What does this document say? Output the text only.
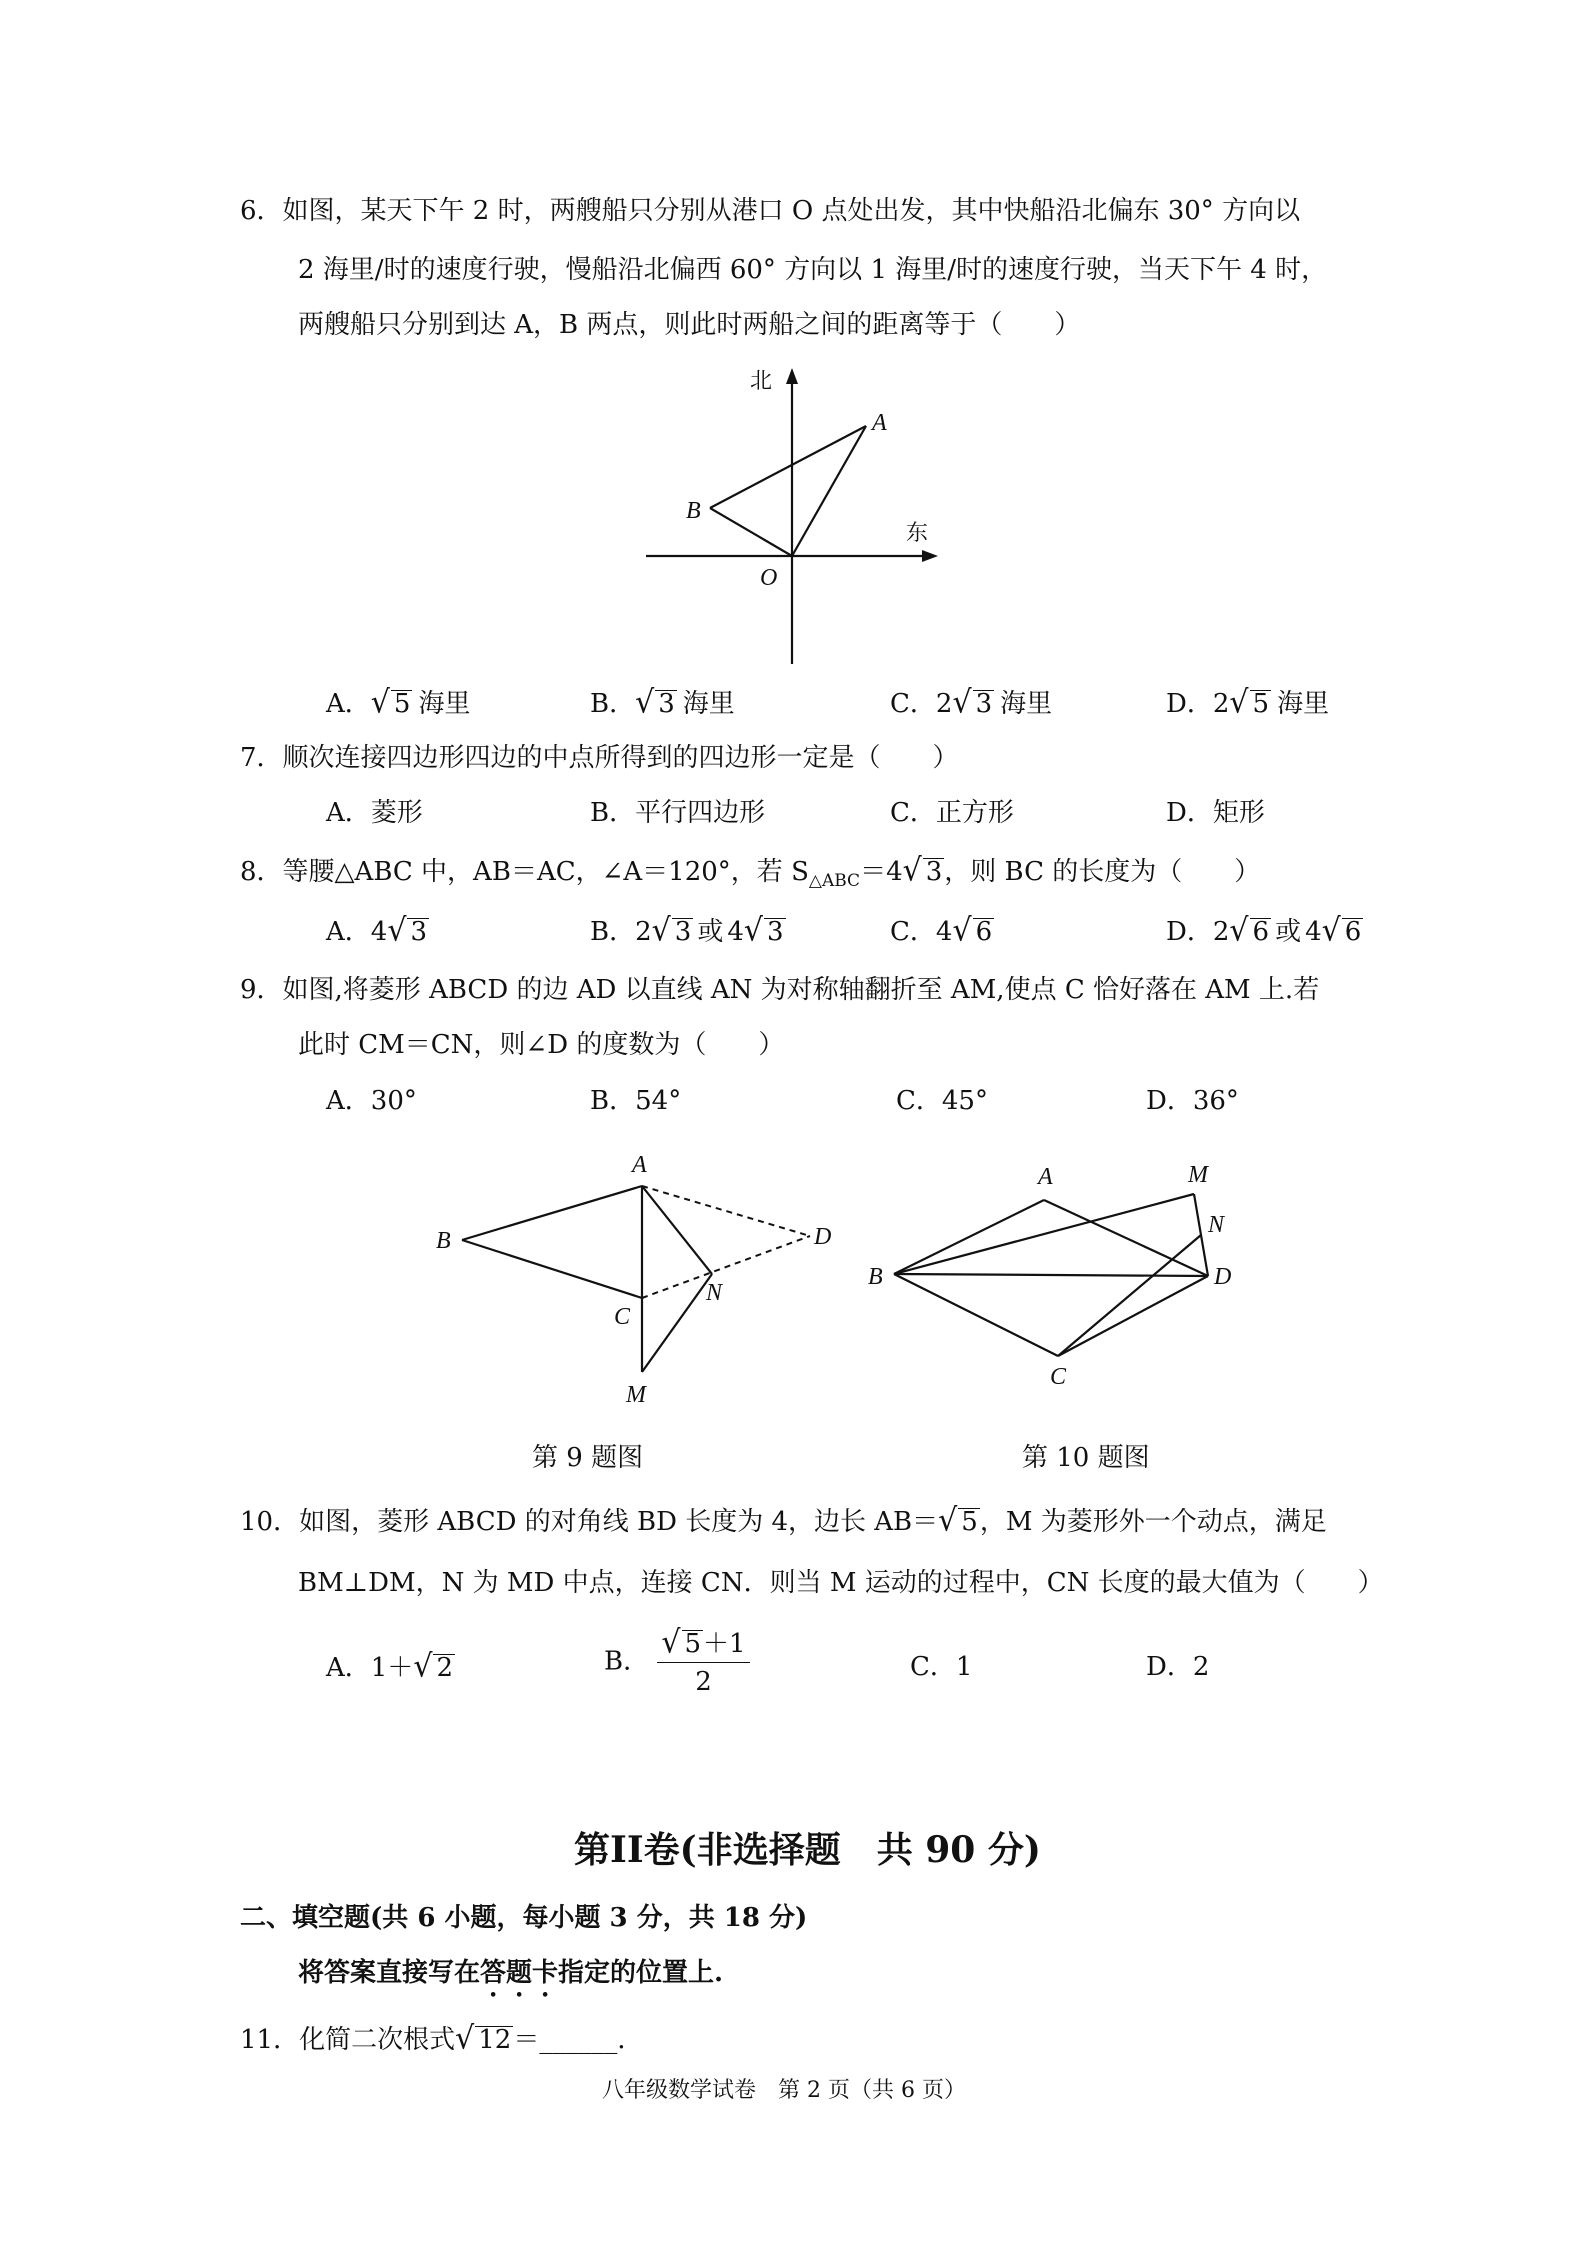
6．如图，某天下午 2 时，两艘船只分别从港口 O 点处出发，其中快船沿北偏东 30° 方向以
2 海里/时的速度行驶，慢船沿北偏西 60° 方向以 1 海里/时的速度行驶，当天下午 4 时，
两艘船只分别到达 A，B 两点，则此时两船之间的距离等于（　　）
北
东
A
B
O
A．√ 5 海里	B．√ 3 海里	C．2√ 3 海里	D．2√ 5 海里
7．顺次连接四边形四边的中点所得到的四边形一定是（　　）
A．菱形	B．平行四边形	C．正方形	D．矩形
8．等腰△ABC 中，AB＝AC，∠A＝120°，若 $S_{\triangle ABC}=4√$ 3，则 BC 的长度为（　　）
A．4√ 3	B．2√ 3 或 4√ 3	C．4√ 6	D．2√ 6 或 4√ 6
9．如图,将菱形 ABCD 的边 AD 以直线 AN 为对称轴翻折至 AM,使点 C 恰好落在 AM 上.若
此时 CM＝CN，则∠D 的度数为（　　）
A．30°	B．54°	C．45°	D．36°
A
B
C
D
M
N
A
B
C
D
M
N
第 9 题图	第 10 题图
10．如图，菱形 ABCD 的对角线 BD 长度为 4，边长 AB＝√ 5，M 为菱形外一个动点，满足
BM⊥DM，N 为 MD 中点，连接 CN．则当 M 运动的过程中，CN 长度的最大值为（　　）
A．1＋√ 2	B． $\frac{√ 5+1}{2}$	C．1	D．2
第II卷(非选择题　共 90 分)
二、填空题(共 6 小题，每小题 3 分，共 18 分)
将答案直接写在答题卡指定的位置上.
11．化简二次根式√ 12＝______．
八年级数学试卷　第 2 页（共 6 页）
